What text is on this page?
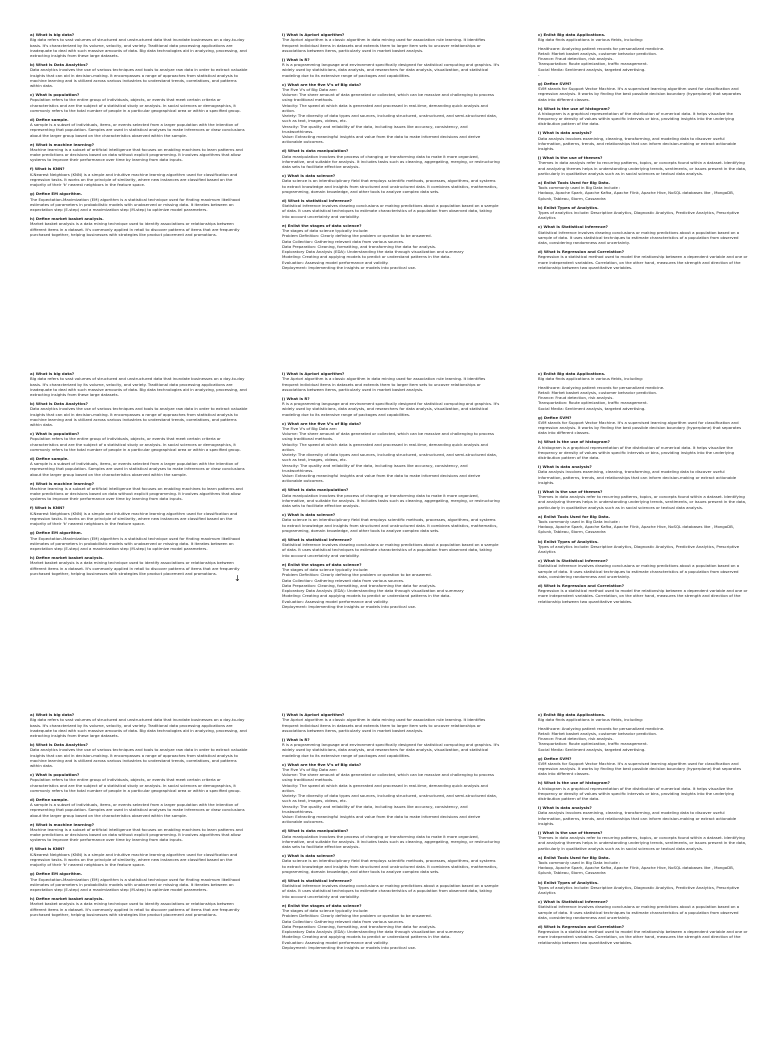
a) What is big data?
Big data refers to vast volumes of structured and unstructured data that inundate businesses on a day-to-day basis. It's characterized by its volume, velocity, and variety. Traditional data processing applications are inadequate to deal with such massive amounts of data. Big data technologies aid in analyzing, processing, and extracting insights from these large datasets.
b) What is Data Analytics?
Data analytics involves the use of various techniques and tools to analyze raw data in order to extract valuable insights that can aid in decision-making. It encompasses a range of approaches from statistical analysis to machine learning and is utilized across various industries to understand trends, correlations, and patterns within data.
c) What is population?
Population refers to the entire group of individuals, objects, or events that meet certain criteria or characteristics and are the subject of a statistical study or analysis. In social sciences or demographics, it commonly refers to the total number of people in a particular geographical area or within a specified group.
d) Define sample.
A sample is a subset of individuals, items, or events selected from a larger population with the intention of representing that population. Samples are used in statistical analyses to make inferences or draw conclusions about the larger group based on the characteristics observed within the sample.
e) What is machine learning?
Machine learning is a subset of artificial intelligence that focuses on enabling machines to learn patterns and make predictions or decisions based on data without explicit programming. It involves algorithms that allow systems to improve their performance over time by learning from data inputs.
f) What is KNN?
K-Nearest Neighbors (KNN) is a simple and intuitive machine learning algorithm used for classification and regression tasks. It works on the principle of similarity, where new instances are classified based on the majority of their 'k' nearest neighbors in the feature space.
g) Define EM algorithm.
The Expectation-Maximization (EM) algorithm is a statistical technique used for finding maximum likelihood estimates of parameters in probabilistic models with unobserved or missing data. It iterates between an expectation step (E-step) and a maximization step (M-step) to optimize model parameters.
h) Define market basket analysis.
Market basket analysis is a data mining technique used to identify associations or relationships between different items in a dataset. It's commonly applied in retail to discover patterns of items that are frequently purchased together, helping businesses with strategies like product placement and promotions.
i) What is Apriori algorithm?
The Apriori algorithm is a classic algorithm in data mining used for association rule learning. It identifies frequent individual items in datasets and extends them to larger item sets to uncover relationships or associations between items, particularly used in market basket analysis.
j) What is R?
R is a programming language and environment specifically designed for statistical computing and graphics. It's widely used by statisticians, data analysts, and researchers for data analysis, visualization, and statistical modeling due to its extensive range of packages and capabilities.
c) What are the five V's of Big data?
The Five V's of Big Data are:
Volume: The sheer amount of data generated or collected, which can be massive and challenging to process using traditional methods.
Velocity: The speed at which data is generated and processed in real-time, demanding quick analysis and action.
Variety: The diversity of data types and sources, including structured, unstructured, and semi-structured data, such as text, images, videos, etc.
Veracity: The quality and reliability of the data, including issues like accuracy, consistency, and trustworthiness.
Value: Extracting meaningful insights and value from the data to make informed decisions and derive actionable outcomes.
d) What is data manipulation?
Data manipulation involves the process of changing or transforming data to make it more organized, informative, and suitable for analysis. It includes tasks such as cleaning, aggregating, merging, or restructuring data sets to facilitate effective analysis.
c) What is data science?
Data science is an interdisciplinary field that employs scientific methods, processes, algorithms, and systems to extract knowledge and insights from structured and unstructured data. It combines statistics, mathematics, programming, domain knowledge, and other tools to analyze complex data sets.
d) What is statistical inference?
Statistical inference involves drawing conclusions or making predictions about a population based on a sample of data. It uses statistical techniques to estimate characteristics of a population from observed data, taking into account uncertainty and variability.
e) Enlist the stages of data science?
The stages of data science typically include:
Problem Definition: Clearly defining the problem or question to be answered.
Data Collection: Gathering relevant data from various sources.
Data Preparation: Cleaning, formatting, and transforming the data for analysis.
Exploratory Data Analysis (EDA): Understanding the data through visualization and summary
Modeling: Creating and applying models to predict or understand patterns in the data.
Evaluation: Assessing model performance and validity.
Deployment: Implementing the insights or models into practical use.
c) Enlist Big data Applications.
Big data finds applications in various fields, including:
Healthcare: Analyzing patient records for personalized medicine.
Retail: Market basket analysis, customer behavior prediction.
Finance: Fraud detection, risk analysis.
Transportation: Route optimization, traffic management.
Social Media: Sentiment analysis, targeted advertising.
-
g) Define SVM?
SVM stands for Support Vector Machine. It's a supervised learning algorithm used for classification and regression analysis. It works by finding the best possible decision boundary (hyperplane) that separates data into different classes.
h) What is the use of histogram?
A histogram is a graphical representation of the distribution of numerical data. It helps visualize the frequency or density of values within specific intervals or bins, providing insights into the underlying distribution pattern of the data.
i) What is data analysis?
Data analysis involves examining, cleaning, transforming, and modeling data to discover useful information, patterns, trends, and relationships that can inform decision-making or extract actionable insights.
j) What is the use of themes?
Themes in data analysis refer to recurring patterns, topics, or concepts found within a dataset. Identifying and analyzing themes helps in understanding underlying trends, sentiments, or issues present in the data, particularly in qualitative analysis such as in social sciences or textual data analysis.
a) Enlist Tools Used for Big Data.
Tools commonly used in Big Data include :
Hadoop, Apache Spark, Apache Kafka, Apache Flink, Apache Hive, NoSQL databases like , MongoDB, Splunk, Tableau, Storm, Cassandra
b) Enlist Types of Analytics.
Types of analytics include: Descriptive Analytics, Diagnostic Analytics, Predictive Analytics, Prescriptive Analytics
c) What is Statistical inference?
Statistical inference involves drawing conclusions or making predictions about a population based on a sample of data. It uses statistical techniques to estimate characteristics of a population from observed data, considering randomness and uncertainty.
d) What is Regression and Correlation?
Regression is a statistical method used to model the relationship between a dependent variable and one or more independent variables. Correlation, on the other hand, measures the strength and direction of the relationship between two quantitative variables.
a) What is big data?
Big data refers to vast volumes of structured and unstructured data that inundate businesses on a day-to-day basis. It's characterized by its volume, velocity, and variety. Traditional data processing applications are inadequate to deal with such massive amounts of data. Big data technologies aid in analyzing, processing, and extracting insights from these large datasets.
b) What is Data Analytics?
Data analytics involves the use of various techniques and tools to analyze raw data in order to extract valuable insights that can aid in decision-making. It encompasses a range of approaches from statistical analysis to machine learning and is utilized across various industries to understand trends, correlations, and patterns within data.
c) What is population?
Population refers to the entire group of individuals, objects, or events that meet certain criteria or characteristics and are the subject of a statistical study or analysis. In social sciences or demographics, it commonly refers to the total number of people in a particular geographical area or within a specified group.
d) Define sample.
A sample is a subset of individuals, items, or events selected from a larger population with the intention of representing that population. Samples are used in statistical analyses to make inferences or draw conclusions about the larger group based on the characteristics observed within the sample.
e) What is machine learning?
Machine learning is a subset of artificial intelligence that focuses on enabling machines to learn patterns and make predictions or decisions based on data without explicit programming. It involves algorithms that allow systems to improve their performance over time by learning from data inputs.
f) What is KNN?
K-Nearest Neighbors (KNN) is a simple and intuitive machine learning algorithm used for classification and regression tasks. It works on the principle of similarity, where new instances are classified based on the majority of their 'k' nearest neighbors in the feature space.
g) Define EM algorithm.
The Expectation-Maximization (EM) algorithm is a statistical technique used for finding maximum likelihood estimates of parameters in probabilistic models with unobserved or missing data. It iterates between an expectation step (E-step) and a maximization step (M-step) to optimize model parameters.
h) Define market basket analysis.
Market basket analysis is a data mining technique used to identify associations or relationships between different items in a dataset. It's commonly applied in retail to discover patterns of items that are frequently purchased together, helping businesses with strategies like product placement and promotions.
i) What is Apriori algorithm?
The Apriori algorithm is a classic algorithm in data mining used for association rule learning. It identifies frequent individual items in datasets and extends them to larger item sets to uncover relationships or associations between items, particularly used in market basket analysis.
j) What is R?
R is a programming language and environment specifically designed for statistical computing and graphics. It's widely used by statisticians, data analysts, and researchers for data analysis, visualization, and statistical modeling due to its extensive range of packages and capabilities.
c) What are the five V's of Big data?
The Five V's of Big Data are:
Volume: The sheer amount of data generated or collected, which can be massive and challenging to process using traditional methods.
Velocity: The speed at which data is generated and processed in real-time, demanding quick analysis and action.
Variety: The diversity of data types and sources, including structured, unstructured, and semi-structured data, such as text, images, videos, etc.
Veracity: The quality and reliability of the data, including issues like accuracy, consistency, and trustworthiness.
Value: Extracting meaningful insights and value from the data to make informed decisions and derive actionable outcomes.
d) What is data manipulation?
Data manipulation involves the process of changing or transforming data to make it more organized, informative, and suitable for analysis. It includes tasks such as cleaning, aggregating, merging, or restructuring data sets to facilitate effective analysis.
c) What is data science?
Data science is an interdisciplinary field that employs scientific methods, processes, algorithms, and systems to extract knowledge and insights from structured and unstructured data. It combines statistics, mathematics, programming, domain knowledge, and other tools to analyze complex data sets.
d) What is statistical inference?
Statistical inference involves drawing conclusions or making predictions about a population based on a sample of data. It uses statistical techniques to estimate characteristics of a population from observed data, taking into account uncertainty and variability.
e) Enlist the stages of data science?
The stages of data science typically include:
Problem Definition: Clearly defining the problem or question to be answered.
Data Collection: Gathering relevant data from various sources.
Data Preparation: Cleaning, formatting, and transforming the data for analysis.
Exploratory Data Analysis (EDA): Understanding the data through visualization and summary
Modeling: Creating and applying models to predict or understand patterns in the data.
Evaluation: Assessing model performance and validity.
Deployment: Implementing the insights or models into practical use.
c) Enlist Big data Applications.
Big data finds applications in various fields, including:
Healthcare: Analyzing patient records for personalized medicine.
Retail: Market basket analysis, customer behavior prediction.
Finance: Fraud detection, risk analysis.
Transportation: Route optimization, traffic management.
Social Media: Sentiment analysis, targeted advertising.
g) Define SVM?
SVM stands for Support Vector Machine. It's a supervised learning algorithm used for classification and regression analysis. It works by finding the best possible decision boundary (hyperplane) that separates data into different classes.
h) What is the use of histogram?
A histogram is a graphical representation of the distribution of numerical data. It helps visualize the frequency or density of values within specific intervals or bins, providing insights into the underlying distribution pattern of the data.
i) What is data analysis?
Data analysis involves examining, cleaning, transforming, and modeling data to discover useful information, patterns, trends, and relationships that can inform decision-making or extract actionable insights.
j) What is the use of themes?
Themes in data analysis refer to recurring patterns, topics, or concepts found within a dataset. Identifying and analyzing themes helps in understanding underlying trends, sentiments, or issues present in the data, particularly in qualitative analysis such as in social sciences or textual data analysis.
a) Enlist Tools Used for Big Data.
Tools commonly used in Big Data include :
Hadoop, Apache Spark, Apache Kafka, Apache Flink, Apache Hive, NoSQL databases like , MongoDB, Splunk, Tableau, Storm, Cassandra
b) Enlist Types of Analytics.
Types of analytics include: Descriptive Analytics, Diagnostic Analytics, Predictive Analytics, Prescriptive Analytics
c) What is Statistical inference?
Statistical inference involves drawing conclusions or making predictions about a population based on a sample of data. It uses statistical techniques to estimate characteristics of a population from observed data, considering randomness and uncertainty.
d) What is Regression and Correlation?
Regression is a statistical method used to model the relationship between a dependent variable and one or more independent variables. Correlation, on the other hand, measures the strength and direction of the relationship between two quantitative variables.
a) What is big data?
Big data refers to vast volumes of structured and unstructured data that inundate businesses on a day-to-day basis. It's characterized by its volume, velocity, and variety. Traditional data processing applications are inadequate to deal with such massive amounts of data. Big data technologies aid in analyzing, processing, and extracting insights from these large datasets.
b) What is Data Analytics?
Data analytics involves the use of various techniques and tools to analyze raw data in order to extract valuable insights that can aid in decision-making. It encompasses a range of approaches from statistical analysis to machine learning and is utilized across various industries to understand trends, correlations, and patterns within data.
c) What is population?
Population refers to the entire group of individuals, objects, or events that meet certain criteria or characteristics and are the subject of a statistical study or analysis. In social sciences or demographics, it commonly refers to the total number of people in a particular geographical area or within a specified group.
d) Define sample.
A sample is a subset of individuals, items, or events selected from a larger population with the intention of representing that population. Samples are used in statistical analyses to make inferences or draw conclusions about the larger group based on the characteristics observed within the sample.
e) What is machine learning?
Machine learning is a subset of artificial intelligence that focuses on enabling machines to learn patterns and make predictions or decisions based on data without explicit programming. It involves algorithms that allow systems to improve their performance over time by learning from data inputs.
f) What is KNN?
K-Nearest Neighbors (KNN) is a simple and intuitive machine learning algorithm used for classification and regression tasks. It works on the principle of similarity, where new instances are classified based on the majority of their 'k' nearest neighbors in the feature space.
g) Define EM algorithm.
The Expectation-Maximization (EM) algorithm is a statistical technique used for finding maximum likelihood estimates of parameters in probabilistic models with unobserved or missing data. It iterates between an expectation step (E-step) and a maximization step (M-step) to optimize model parameters.
h) Define market basket analysis.
Market basket analysis is a data mining technique used to identify associations or relationships between different items in a dataset. It's commonly applied in retail to discover patterns of items that are frequently purchased together, helping businesses with strategies like product placement and promotions.
i) What is Apriori algorithm?
The Apriori algorithm is a classic algorithm in data mining used for association rule learning. It identifies frequent individual items in datasets and extends them to larger item sets to uncover relationships or associations between items, particularly used in market basket analysis.
j) What is R?
R is a programming language and environment specifically designed for statistical computing and graphics. It's widely used by statisticians, data analysts, and researchers for data analysis, visualization, and statistical modeling due to its extensive range of packages and capabilities.
c) What are the five V's of Big data?
The Five V's of Big Data are:
Volume: The sheer amount of data generated or collected, which can be massive and challenging to process using traditional methods.
Velocity: The speed at which data is generated and processed in real-time, demanding quick analysis and action.
Variety: The diversity of data types and sources, including structured, unstructured, and semi-structured data, such as text, images, videos, etc.
Veracity: The quality and reliability of the data, including issues like accuracy, consistency, and trustworthiness.
Value: Extracting meaningful insights and value from the data to make informed decisions and derive actionable outcomes.
d) What is data manipulation?
Data manipulation involves the process of changing or transforming data to make it more organized, informative, and suitable for analysis. It includes tasks such as cleaning, aggregating, merging, or restructuring data sets to facilitate effective analysis.
c) What is data science?
Data science is an interdisciplinary field that employs scientific methods, processes, algorithms, and systems to extract knowledge and insights from structured and unstructured data. It combines statistics, mathematics, programming, domain knowledge, and other tools to analyze complex data sets.
d) What is statistical inference?
Statistical inference involves drawing conclusions or making predictions about a population based on a sample of data. It uses statistical techniques to estimate characteristics of a population from observed data, taking into account uncertainty and variability.
e) Enlist the stages of data science?
The stages of data science typically include:
Problem Definition: Clearly defining the problem or question to be answered.
Data Collection: Gathering relevant data from various sources.
Data Preparation: Cleaning, formatting, and transforming the data for analysis.
Exploratory Data Analysis (EDA): Understanding the data through visualization and summary
Modeling: Creating and applying models to predict or understand patterns in the data.
Evaluation: Assessing model performance and validity.
Deployment: Implementing the insights or models into practical use.
c) Enlist Big data Applications.
Big data finds applications in various fields, including:
Healthcare: Analyzing patient records for personalized medicine.
Retail: Market basket analysis, customer behavior prediction.
Finance: Fraud detection, risk analysis.
Transportation: Route optimization, traffic management.
Social Media: Sentiment analysis, targeted advertising.
g) Define SVM?
SVM stands for Support Vector Machine. It's a supervised learning algorithm used for classification and regression analysis. It works by finding the best possible decision boundary (hyperplane) that separates data into different classes.
h) What is the use of histogram?
A histogram is a graphical representation of the distribution of numerical data. It helps visualize the frequency or density of values within specific intervals or bins, providing insights into the underlying distribution pattern of the data.
i) What is data analysis?
Data analysis involves examining, cleaning, transforming, and modeling data to discover useful information, patterns, trends, and relationships that can inform decision-making or extract actionable insights.
j) What is the use of themes?
Themes in data analysis refer to recurring patterns, topics, or concepts found within a dataset. Identifying and analyzing themes helps in understanding underlying trends, sentiments, or issues present in the data, particularly in qualitative analysis such as in social sciences or textual data analysis.
a) Enlist Tools Used for Big Data.
Tools commonly used in Big Data include :
Hadoop, Apache Spark, Apache Kafka, Apache Flink, Apache Hive, NoSQL databases like , MongoDB, Splunk, Tableau, Storm, Cassandra
b) Enlist Types of Analytics.
Types of analytics include: Descriptive Analytics, Diagnostic Analytics, Predictive Analytics, Prescriptive Analytics
c) What is Statistical inference?
Statistical inference involves drawing conclusions or making predictions about a population based on a sample of data. It uses statistical techniques to estimate characteristics of a population from observed data, considering randomness and uncertainty.
d) What is Regression and Correlation?
Regression is a statistical method used to model the relationship between a dependent variable and one or more independent variables. Correlation, on the other hand, measures the strength and direction of the relationship between two quantitative variables.
↓
